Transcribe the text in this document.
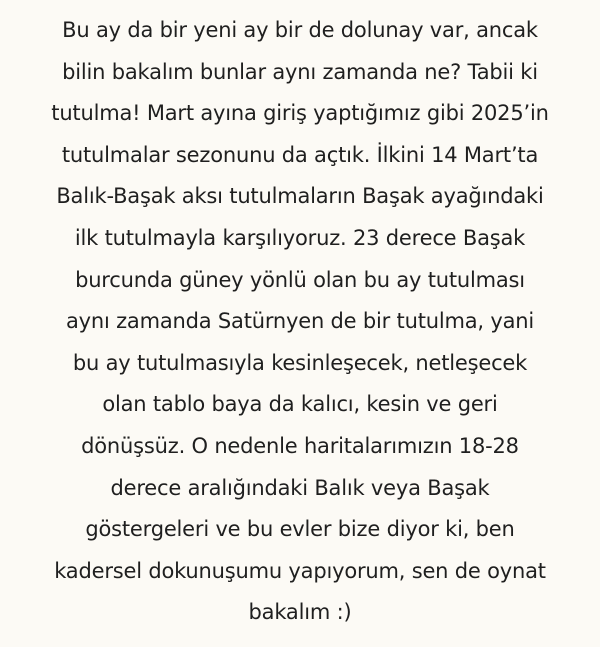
Bu ay da bir yeni ay bir de dolunay var, ancak
bilin bakalım bunlar aynı zamanda ne? Tabii ki
tutulma! Mart ayına giriş yaptığımız gibi 2025’in
tutulmalar sezonunu da açtık. İlkini 14 Mart’ta
Balık-Başak aksı tutulmaların Başak ayağındaki
ilk tutulmayla karşılıyoruz. 23 derece Başak
burcunda güney yönlü olan bu ay tutulması
aynı zamanda Satürnyen de bir tutulma, yani
bu ay tutulmasıyla kesinleşecek, netleşecek
olan tablo baya da kalıcı, kesin ve geri
dönüşsüz. O nedenle haritalarımızın 18-28
derece aralığındaki Balık veya Başak
göstergeleri ve bu evler bize diyor ki, ben
kadersel dokunuşumu yapıyorum, sen de oynat
bakalım :)
